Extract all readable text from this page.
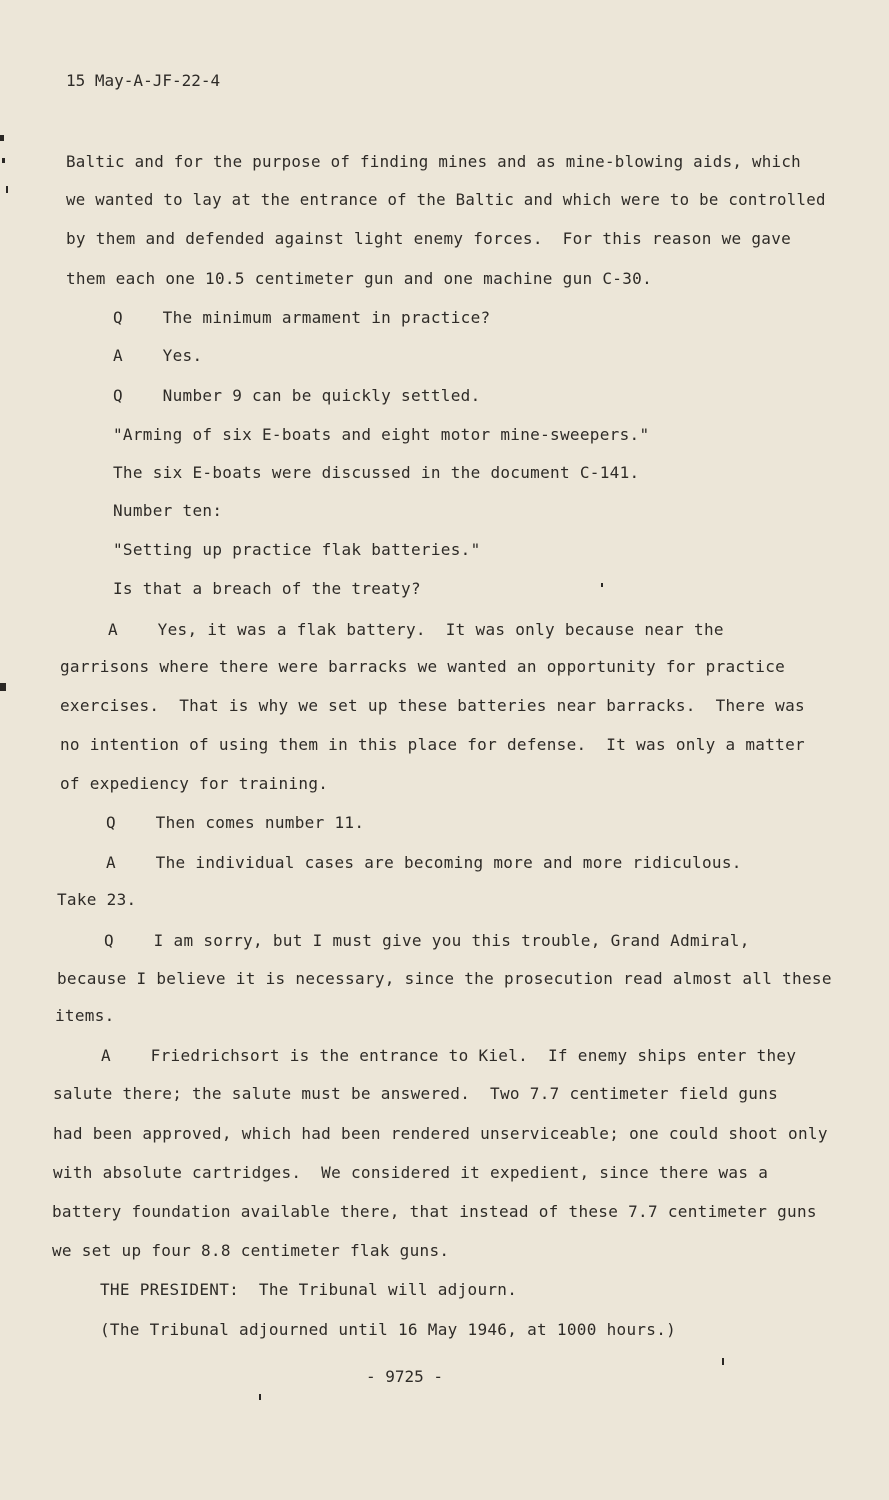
15 May-A-JF-22-4
Baltic and for the purpose of finding mines and as mine-blowing aids, which
we wanted to lay at the entrance of the Baltic and which were to be controlled
by them and defended against light enemy forces.  For this reason we gave
them each one 10.5 centimeter gun and one machine gun C-30.
Q    The minimum armament in practice?
A    Yes.
Q    Number 9 can be quickly settled.
"Arming of six E-boats and eight motor mine-sweepers."
The six E-boats were discussed in the document C-141.
Number ten:
"Setting up practice flak batteries."
Is that a breach of the treaty?
A    Yes, it was a flak battery.  It was only because near the
garrisons where there were barracks we wanted an opportunity for practice
exercises.  That is why we set up these batteries near barracks.  There was
no intention of using them in this place for defense.  It was only a matter
of expediency for training.
Q    Then comes number 11.
A    The individual cases are becoming more and more ridiculous.
Take 23.
Q    I am sorry, but I must give you this trouble, Grand Admiral,
because I believe it is necessary, since the prosecution read almost all these
items.
A    Friedrichsort is the entrance to Kiel.  If enemy ships enter they
salute there; the salute must be answered.  Two 7.7 centimeter field guns
had been approved, which had been rendered unserviceable; one could shoot only
with absolute cartridges.  We considered it expedient, since there was a
battery foundation available there, that instead of these 7.7 centimeter guns
we set up four 8.8 centimeter flak guns.
THE PRESIDENT:  The Tribunal will adjourn.
(The Tribunal adjourned until 16 May 1946, at 1000 hours.)
- 9725 -
